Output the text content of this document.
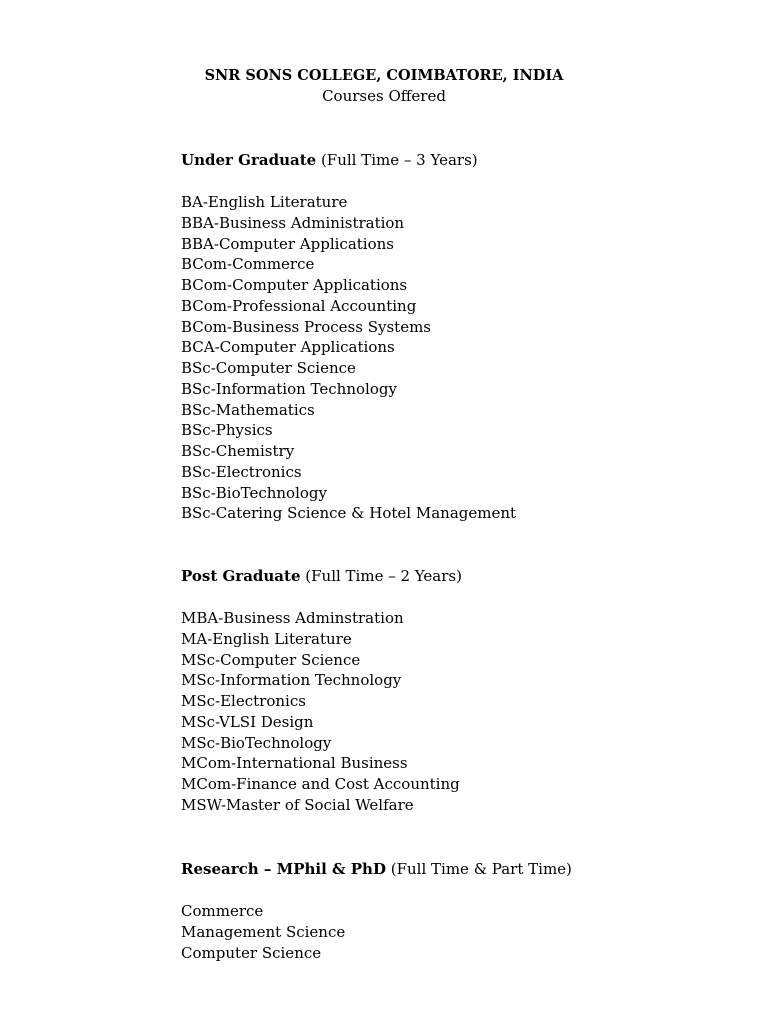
SNR SONS COLLEGE, COIMBATORE, INDIA

Courses Offered

Under Graduate (Full Time – 3 Years)

BA-English Literature
BBA-Business Administration
BBA-Computer Applications
BCom-Commerce
BCom-Computer Applications
BCom-Professional Accounting
BCom-Business Process Systems
BCA-Computer Applications
BSc-Computer Science
BSc-Information Technology
BSc-Mathematics
BSc-Physics
BSc-Chemistry
BSc-Electronics
BSc-BioTechnology
BSc-Catering Science & Hotel Management

Post Graduate (Full Time – 2 Years)

MBA-Business Adminstration
MA-English Literature
MSc-Computer Science
MSc-Information Technology
MSc-Electronics
MSc-VLSI Design
MSc-BioTechnology
MCom-International Business
MCom-Finance and Cost Accounting
MSW-Master of Social Welfare

Research – MPhil & PhD (Full Time & Part Time)

Commerce
Management Science
Computer Science
